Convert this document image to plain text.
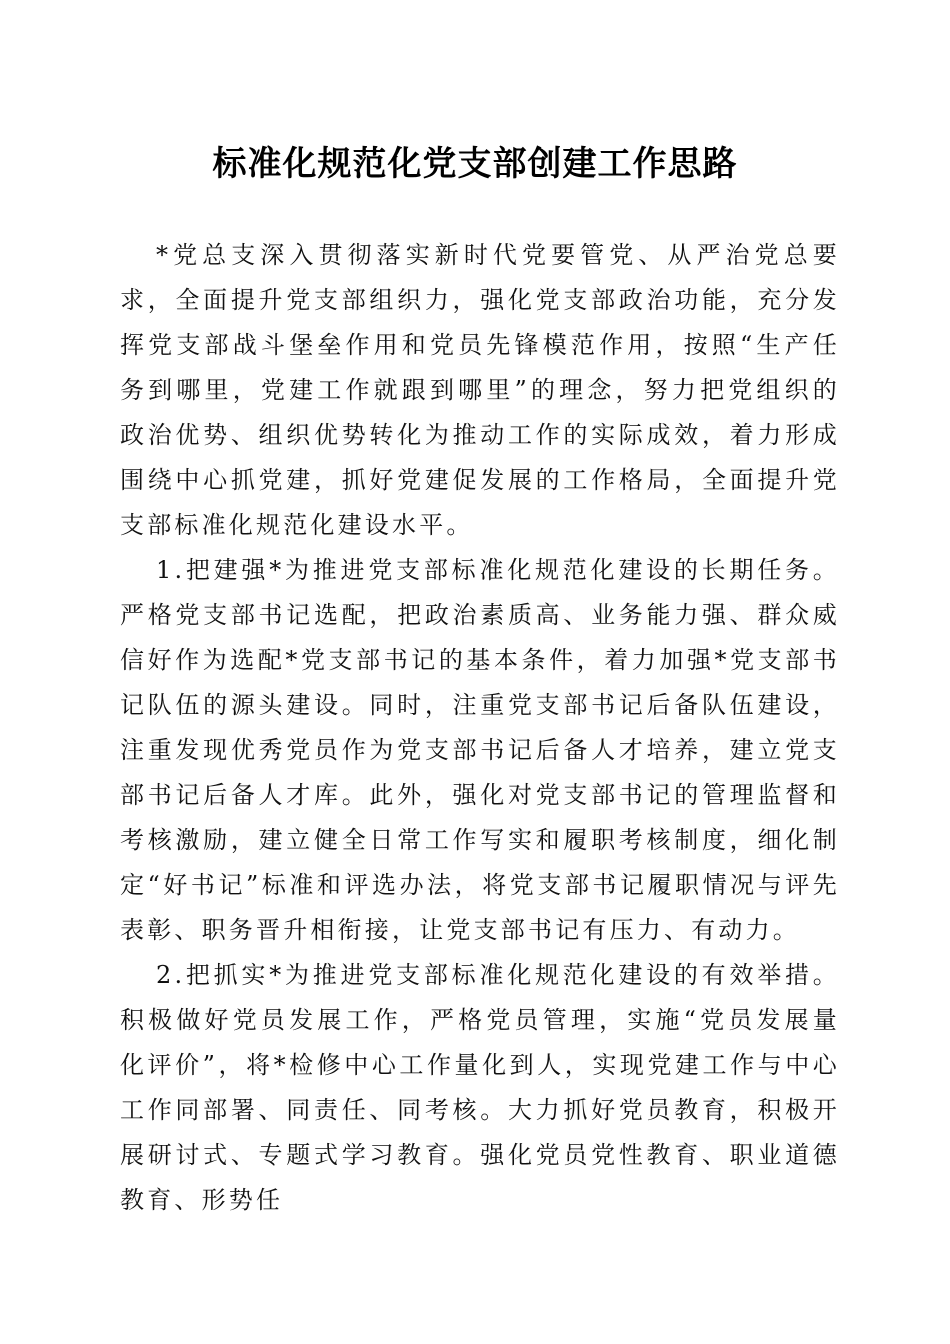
标准化规范化党支部创建工作思路

*党总支深入贯彻落实新时代党要管党、从严治党总要求，全面提升党支部组织力，强化党支部政治功能，充分发挥党支部战斗堡垒作用和党员先锋模范作用，按照“生产任务到哪里，党建工作就跟到哪里”的理念，努力把党组织的政治优势、组织优势转化为推动工作的实际成效，着力形成围绕中心抓党建，抓好党建促发展的工作格局，全面提升党支部标准化规范化建设水平。

1.把建强*为推进党支部标准化规范化建设的长期任务。严格党支部书记选配，把政治素质高、业务能力强、群众威信好作为选配*党支部书记的基本条件，着力加强*党支部书记队伍的源头建设。同时，注重党支部书记后备队伍建设，注重发现优秀党员作为党支部书记后备人才培养，建立党支部书记后备人才库。此外，强化对党支部书记的管理监督和考核激励，建立健全日常工作写实和履职考核制度，细化制定“好书记”标准和评选办法，将党支部书记履职情况与评先表彰、职务晋升相衔接，让党支部书记有压力、有动力。

2.把抓实*为推进党支部标准化规范化建设的有效举措。积极做好党员发展工作，严格党员管理，实施“党员发展量化评价”，将*检修中心工作量化到人，实现党建工作与中心工作同部署、同责任、同考核。大力抓好党员教育，积极开展研讨式、专题式学习教育。强化党员党性教育、职业道德教育、形势任
